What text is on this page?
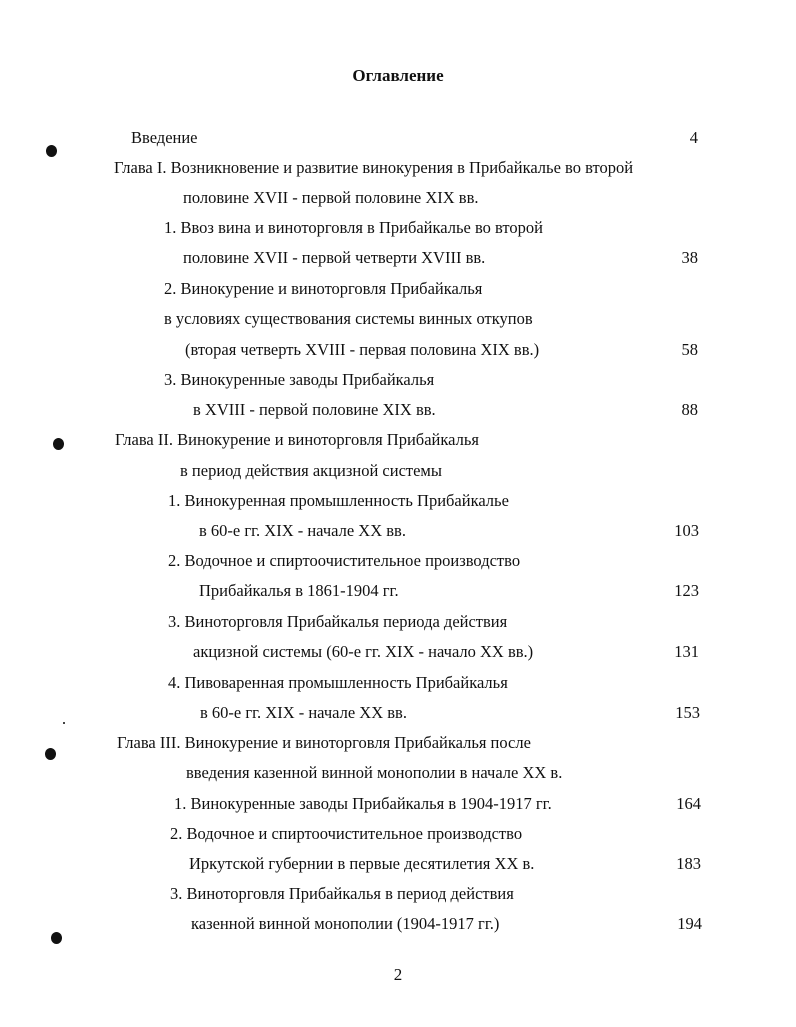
Оглавление
Введение	4
Глава I. Возникновение и развитие винокурения в Прибайкалье во второй
половине XVII - первой половине XIX вв.
1. Ввоз вина и виноторговля в Прибайкалье во второй
половине XVII - первой четверти XVIII вв.	38
2. Винокурение и виноторговля Прибайкалья
в условиях существования системы винных откупов
(вторая четверть XVIII - первая половина XIX вв.)	58
3. Винокуренные заводы Прибайкалья
в XVIII - первой половине XIX вв.	88
Глава II. Винокурение и виноторговля Прибайкалья
в период действия акцизной системы
1. Винокуренная промышленность Прибайкалье
в 60-е гг. XIX - начале XX вв.	103
2. Водочное и спиртоочистительное производство
Прибайкалья в 1861-1904 гг.	123
3. Виноторговля Прибайкалья периода действия
акцизной системы (60-е гг. XIX - начало XX вв.)	131
4. Пивоваренная промышленность Прибайкалья
в 60-е гг. XIX - начале XX вв.	153
Глава III. Винокурение и виноторговля Прибайкалья после
введения казенной винной монополии в начале XX в.
1. Винокуренные заводы Прибайкалья в 1904-1917 гг.	164
2. Водочное и спиртоочистительное производство
Иркутской губернии в первые десятилетия XX в.	183
3. Виноторговля Прибайкалья в период действия
казенной винной монополии (1904-1917 гг.)	194
2
